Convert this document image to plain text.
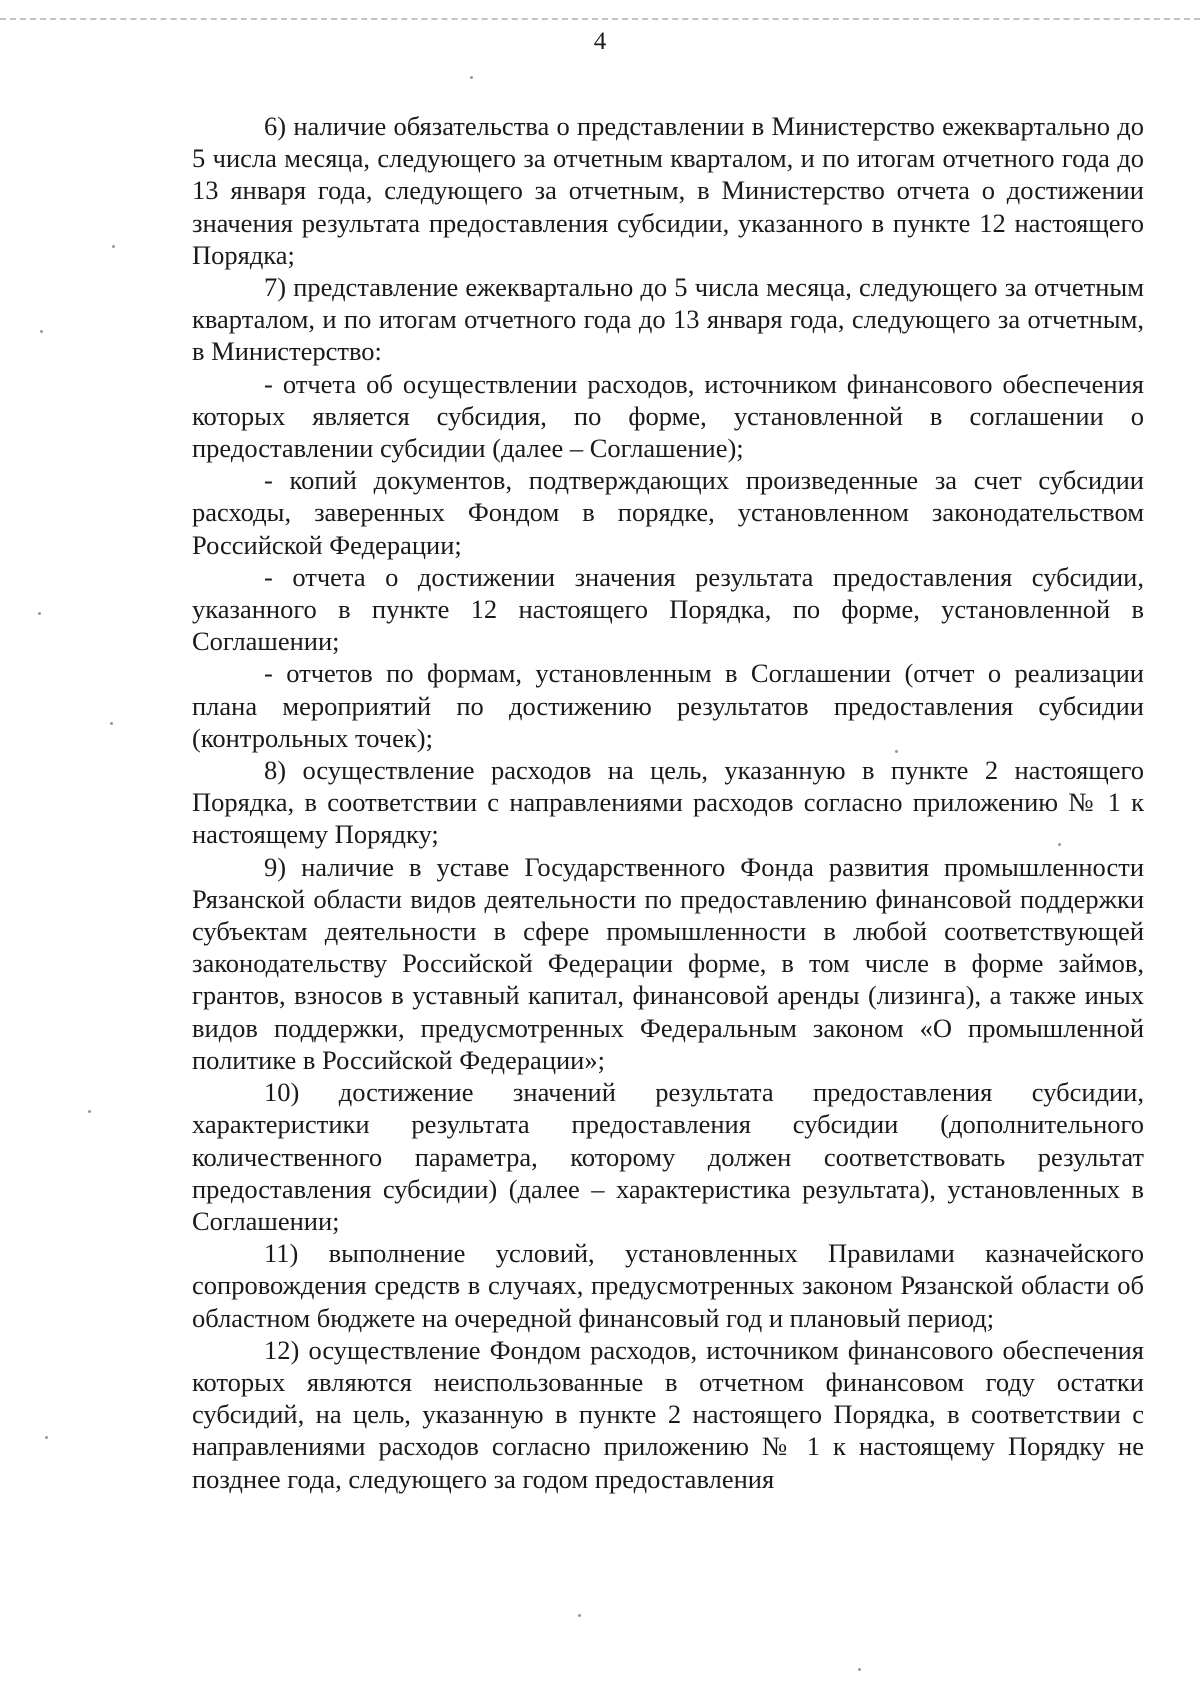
4

6) наличие обязательства о представлении в Министерство ежеквартально до 5 числа месяца, следующего за отчетным кварталом, и по итогам отчетного года до 13 января года, следующего за отчетным, в Министерство отчета о достижении значения результата предоставления субсидии, указанного в пункте 12 настоящего Порядка;

7) представление ежеквартально до 5 числа месяца, следующего за отчетным кварталом, и по итогам отчетного года до 13 января года, следующего за отчетным, в Министерство:

- отчета об осуществлении расходов, источником финансового обеспечения которых является субсидия, по форме, установленной в соглашении о предоставлении субсидии (далее – Соглашение);

- копий документов, подтверждающих произведенные за счет субсидии расходы, заверенных Фондом в порядке, установленном законодательством Российской Федерации;

- отчета о достижении значения результата предоставления субсидии, указанного в пункте 12 настоящего Порядка, по форме, установленной в Соглашении;

- отчетов по формам, установленным в Соглашении (отчет о реализации плана мероприятий по достижению результатов предоставления субсидии (контрольных точек);

8) осуществление расходов на цель, указанную в пункте 2 настоящего Порядка, в соответствии с направлениями расходов согласно приложению № 1 к настоящему Порядку;

9) наличие в уставе Государственного Фонда развития промышленности Рязанской области видов деятельности по предоставлению финансовой поддержки субъектам деятельности в сфере промышленности в любой соответствующей законодательству Российской Федерации форме, в том числе в форме займов, грантов, взносов в уставный капитал, финансовой аренды (лизинга), а также иных видов поддержки, предусмотренных Федеральным законом «О промышленной политике в Российской Федерации»;

10) достижение значений результата предоставления субсидии, характеристики результата предоставления субсидии (дополнительного количественного параметра, которому должен соответствовать результат предоставления субсидии) (далее – характеристика результата), установленных в Соглашении;

11) выполнение условий, установленных Правилами казначейского сопровождения средств в случаях, предусмотренных законом Рязанской области об областном бюджете на очередной финансовый год и плановый период;

12) осуществление Фондом расходов, источником финансового обеспечения которых являются неиспользованные в отчетном финансовом году остатки субсидий, на цель, указанную в пункте 2 настоящего Порядка, в соответствии с направлениями расходов согласно приложению № 1 к настоящему Порядку не позднее года, следующего за годом предоставления
